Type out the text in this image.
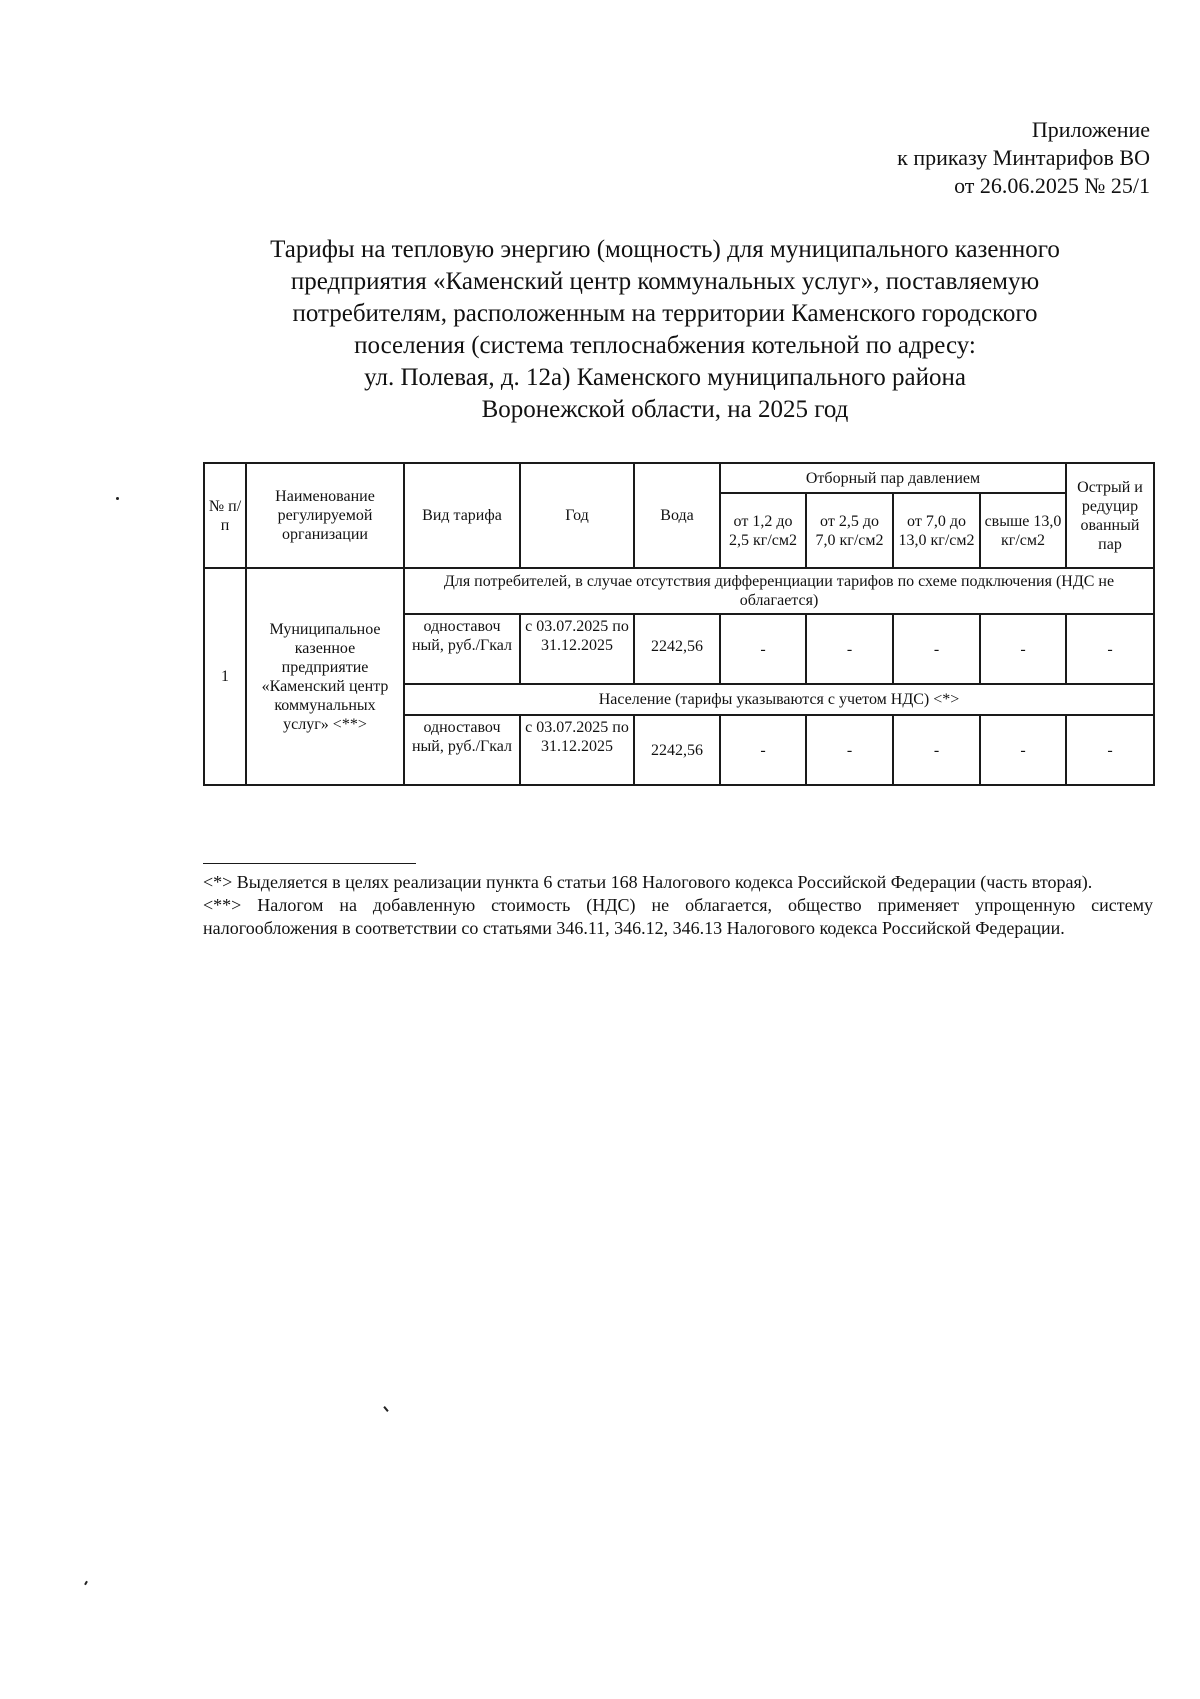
Приложение
к приказу Минтарифов ВО
от 26.06.2025 № 25/1
Тарифы на тепловую энергию (мощность) для муниципального казенного
предприятия «Каменский центр коммунальных услуг», поставляемую
потребителям, расположенным на территории Каменского городского
поселения (система теплоснабжения котельной по адресу:
ул. Полевая, д. 12а) Каменского муниципального района
Воронежской области, на 2025 год
№ п/п	Наименование регулируемой организации	Вид тарифа	Год	Вода	Отборный пар давлением				Острый и редуцир ованный пар
					от 1,2 до 2,5 кг/см2	от 2,5 до 7,0 кг/см2	от 7,0 до 13,0 кг/см2	свыше 13,0 кг/см2	
1	Муниципальное казенное предприятие «Каменский центр коммунальных услуг» <**>	Для потребителей, в случае отсутствия дифференциации тарифов по схеме подключения (НДС не облагается)							
		одноставоч ный, руб./Гкал	с 03.07.2025 по 31.12.2025	2242,56	-	-	-	-	-
		Население (тарифы указываются с учетом НДС) <*>							
		одноставоч ный, руб./Гкал	с 03.07.2025 по 31.12.2025	2242,56	-	-	-	-	-

<*> Выделяется в целях реализации пункта 6 статьи 168 Налогового кодекса Российской Федерации (часть вторая).

<**> Налогом на добавленную стоимость (НДС) не облагается, общество применяет упрощенную систему налогообложения в соответствии со статьями 346.11, 346.12, 346.13 Налогового кодекса Российской Федерации.
